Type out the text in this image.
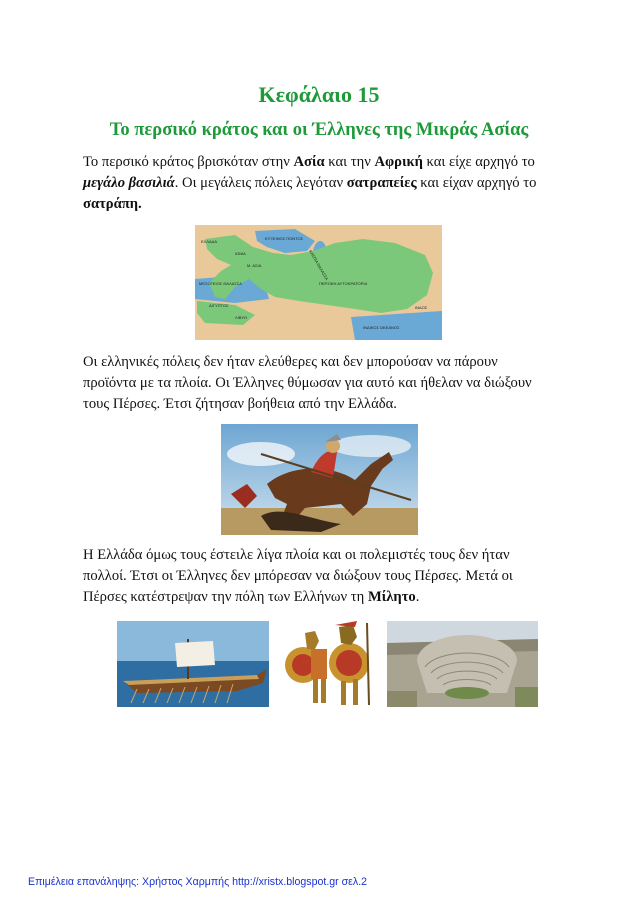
Κεφάλαιο 15
Το περσικό κράτος και οι Έλληνες της Μικράς Ασίας
Το περσικό κράτος βρισκόταν στην Ασία και την Αφρική και είχε αρχηγό το μεγάλο βασιλιά. Οι μεγάλεις πόλεις λεγόταν σατραπείες και είχαν αρχηγό το σατράπη.
ΕΛΛΑΔΑ
ΕΥΞΕΙΝΟΣ ΠΟΝΤΟΣ
ΚΑΣΠΙΑ ΘΑΛΑΣΣΑ
ΙΩΝΙΑ
Μ. ΑΣΙΑ
ΜΕΣΟΓΕΙΟΣ ΘΑΛΑΣΣΑ	ΠΕΡΣΙΚΗ ΑΥΤΟΚΡΑΤΟΡΙΑ
ΑΙΓΥΠΤΟΣ
ΛΙΒΥΗ
ΙΝΔΟΣ
ΙΝΔΙΚΟΣ ΩΚΕΑΝΟΣ
Οι ελληνικές πόλεις δεν ήταν ελεύθερες και δεν μπορούσαν να πάρουν προϊόντα με τα πλοία. Οι Έλληνες θύμωσαν για αυτό και ήθελαν να διώξουν τους Πέρσες. Έτσι ζήτησαν βοήθεια από την Ελλάδα.
Η Ελλάδα όμως τους έστειλε λίγα πλοία και οι πολεμιστές τους δεν ήταν πολλοί. Έτσι οι Έλληνες δεν μπόρεσαν να διώξουν τους Πέρσες. Μετά οι Πέρσες κατέστρεψαν την πόλη των Ελλήνων τη Μίλητο.
Επιμέλεια επανάληψης: Χρήστος Χαρμπής http://xristx.blogspot.gr σελ.2
